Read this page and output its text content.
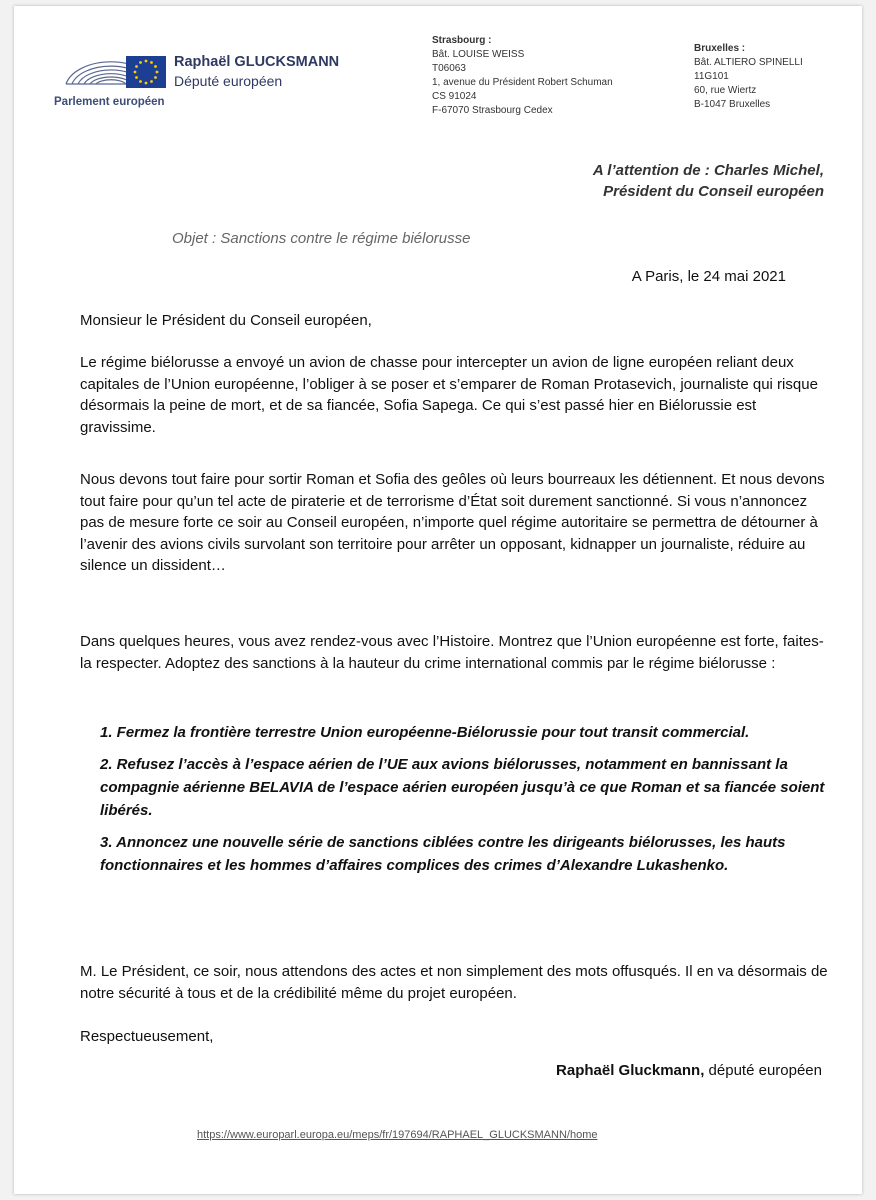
Parlement européen
Raphaël GLUCKSMANN
Député européen
Strasbourg :
Bât. LOUISE WEISS
T06063
1, avenue du Président Robert Schuman
CS 91024
F-67070 Strasbourg Cedex
Bruxelles :
Bât. ALTIERO SPINELLI
11G101
60, rue Wiertz
B-1047 Bruxelles
A l’attention de : Charles Michel,
Président du Conseil européen
Objet : Sanctions contre le régime biélorusse
A Paris, le 24 mai 2021
Monsieur le Président du Conseil européen,

Le régime biélorusse a envoyé un avion de chasse pour intercepter un avion de ligne européen reliant deux capitales de l’Union européenne, l’obliger à se poser et s’emparer de Roman Protasevich, journaliste qui risque désormais la peine de mort, et de sa fiancée, Sofia Sapega. Ce qui s’est passé hier en Biélorussie est gravissime.

Nous devons tout faire pour sortir Roman et Sofia des geôles où leurs bourreaux les détiennent. Et nous devons tout faire pour qu’un tel acte de piraterie et de terrorisme d’État soit durement sanctionné. Si vous n’annoncez pas de mesure forte ce soir au Conseil européen, n’importe quel régime autoritaire se permettra de détourner à l’avenir des avions civils survolant son territoire pour arrêter un opposant, kidnapper un journaliste, réduire au silence un dissident…

Dans quelques heures, vous avez rendez-vous avec l’Histoire. Montrez que l’Union européenne est forte, faites-la respecter. Adoptez des sanctions à la hauteur du crime international commis par le régime biélorusse :

1. Fermez la frontière terrestre Union européenne-Biélorussie pour tout transit commercial.
2. Refusez l’accès à l’espace aérien de l’UE aux avions biélorusses, notamment en bannissant la compagnie aérienne BELAVIA de l’espace aérien européen jusqu’à ce que Roman et sa fiancée soient libérés.
3. Annoncez une nouvelle série de sanctions ciblées contre les dirigeants biélorusses, les hauts fonctionnaires et les hommes d’affaires complices des crimes d’Alexandre Lukashenko.

M. Le Président, ce soir, nous attendons des actes et non simplement des mots offusqués. Il en va désormais de notre sécurité à tous et de la crédibilité même du projet européen.

Respectueusement,
Raphaël Gluckmann, député européen
https://www.europarl.europa.eu/meps/fr/197694/RAPHAEL_GLUCKSMANN/home
